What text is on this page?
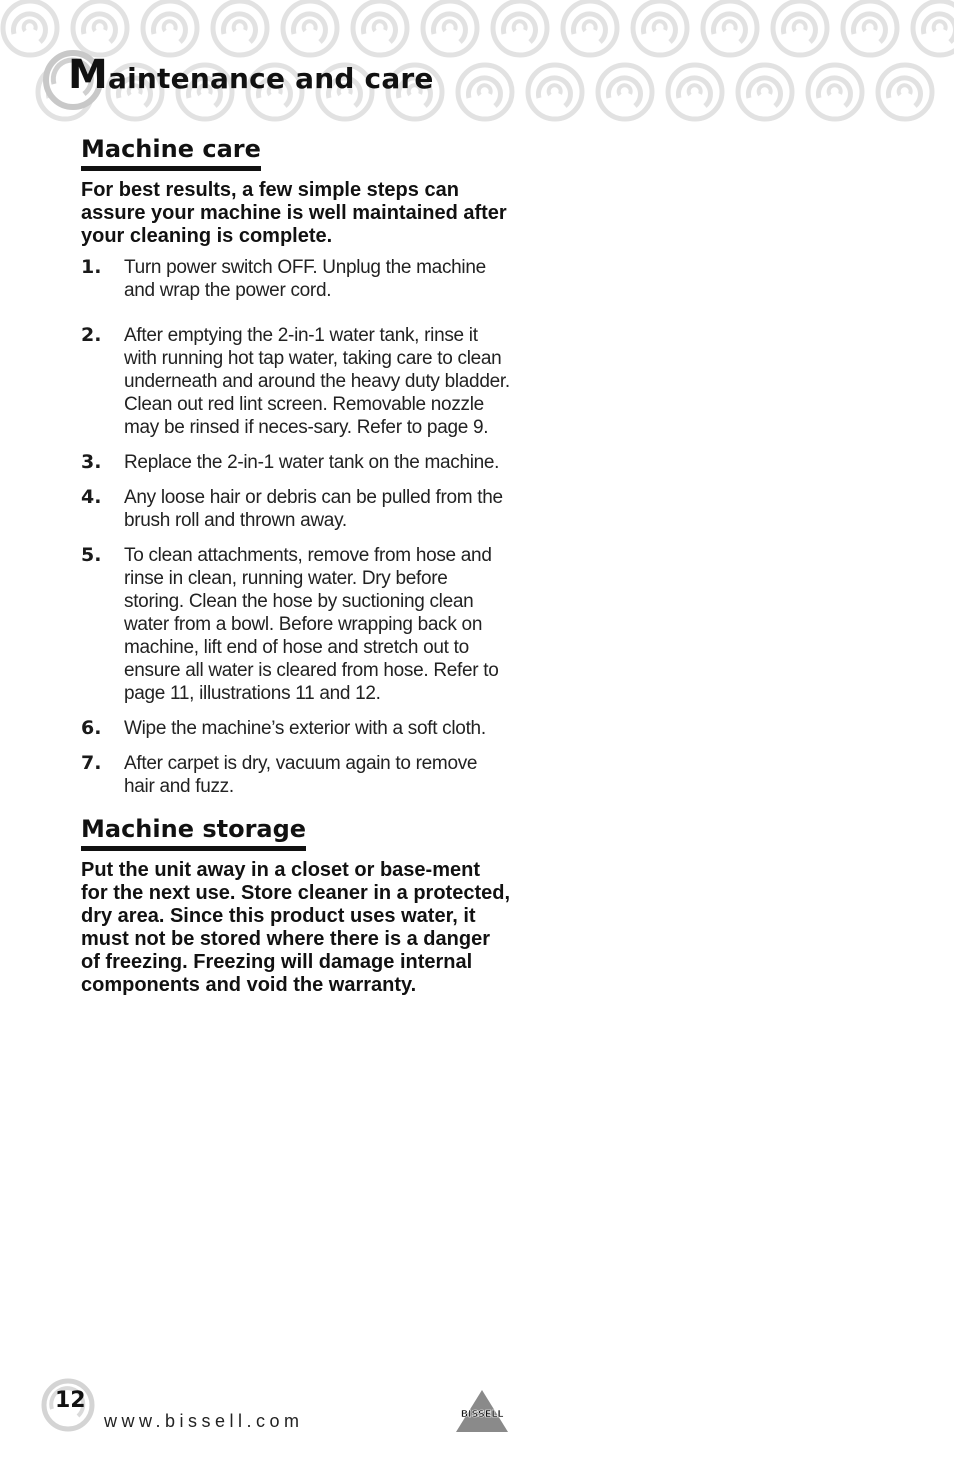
Maintenance and care
Machine care

For best results, a few simple steps can assure your machine is well maintained after your cleaning is complete.

1.	Turn power switch OFF. Unplug the machine and wrap the power cord.
2.	After emptying the 2-in-1 water tank, rinse it with running hot tap water, taking care to clean underneath and around the heavy duty bladder. Clean out red lint screen. Removable nozzle may be rinsed if neces-sary. Refer to page 9.
3.	Replace the 2-in-1 water tank on the machine.
4.	Any loose hair or debris can be pulled from the brush roll and thrown away.
5.	To clean attachments, remove from hose and rinse in clean, running water. Dry before storing. Clean the hose by suctioning clean water from a bowl. Before wrapping back on machine, lift end of hose and stretch out to ensure all water is cleared from hose. Refer to page 11, illustrations 11 and 12.
6.	Wipe the machine’s exterior with a soft cloth.
7.	After carpet is dry, vacuum again to remove hair and fuzz.
Machine storage

Put the unit away in a closet or base-ment for the next use. Store cleaner in a protected, dry area. Since this product uses water, it must not be stored where there is a danger of freezing. Freezing will damage internal components and void the warranty.

12
www.bissell.com	BISSELL
